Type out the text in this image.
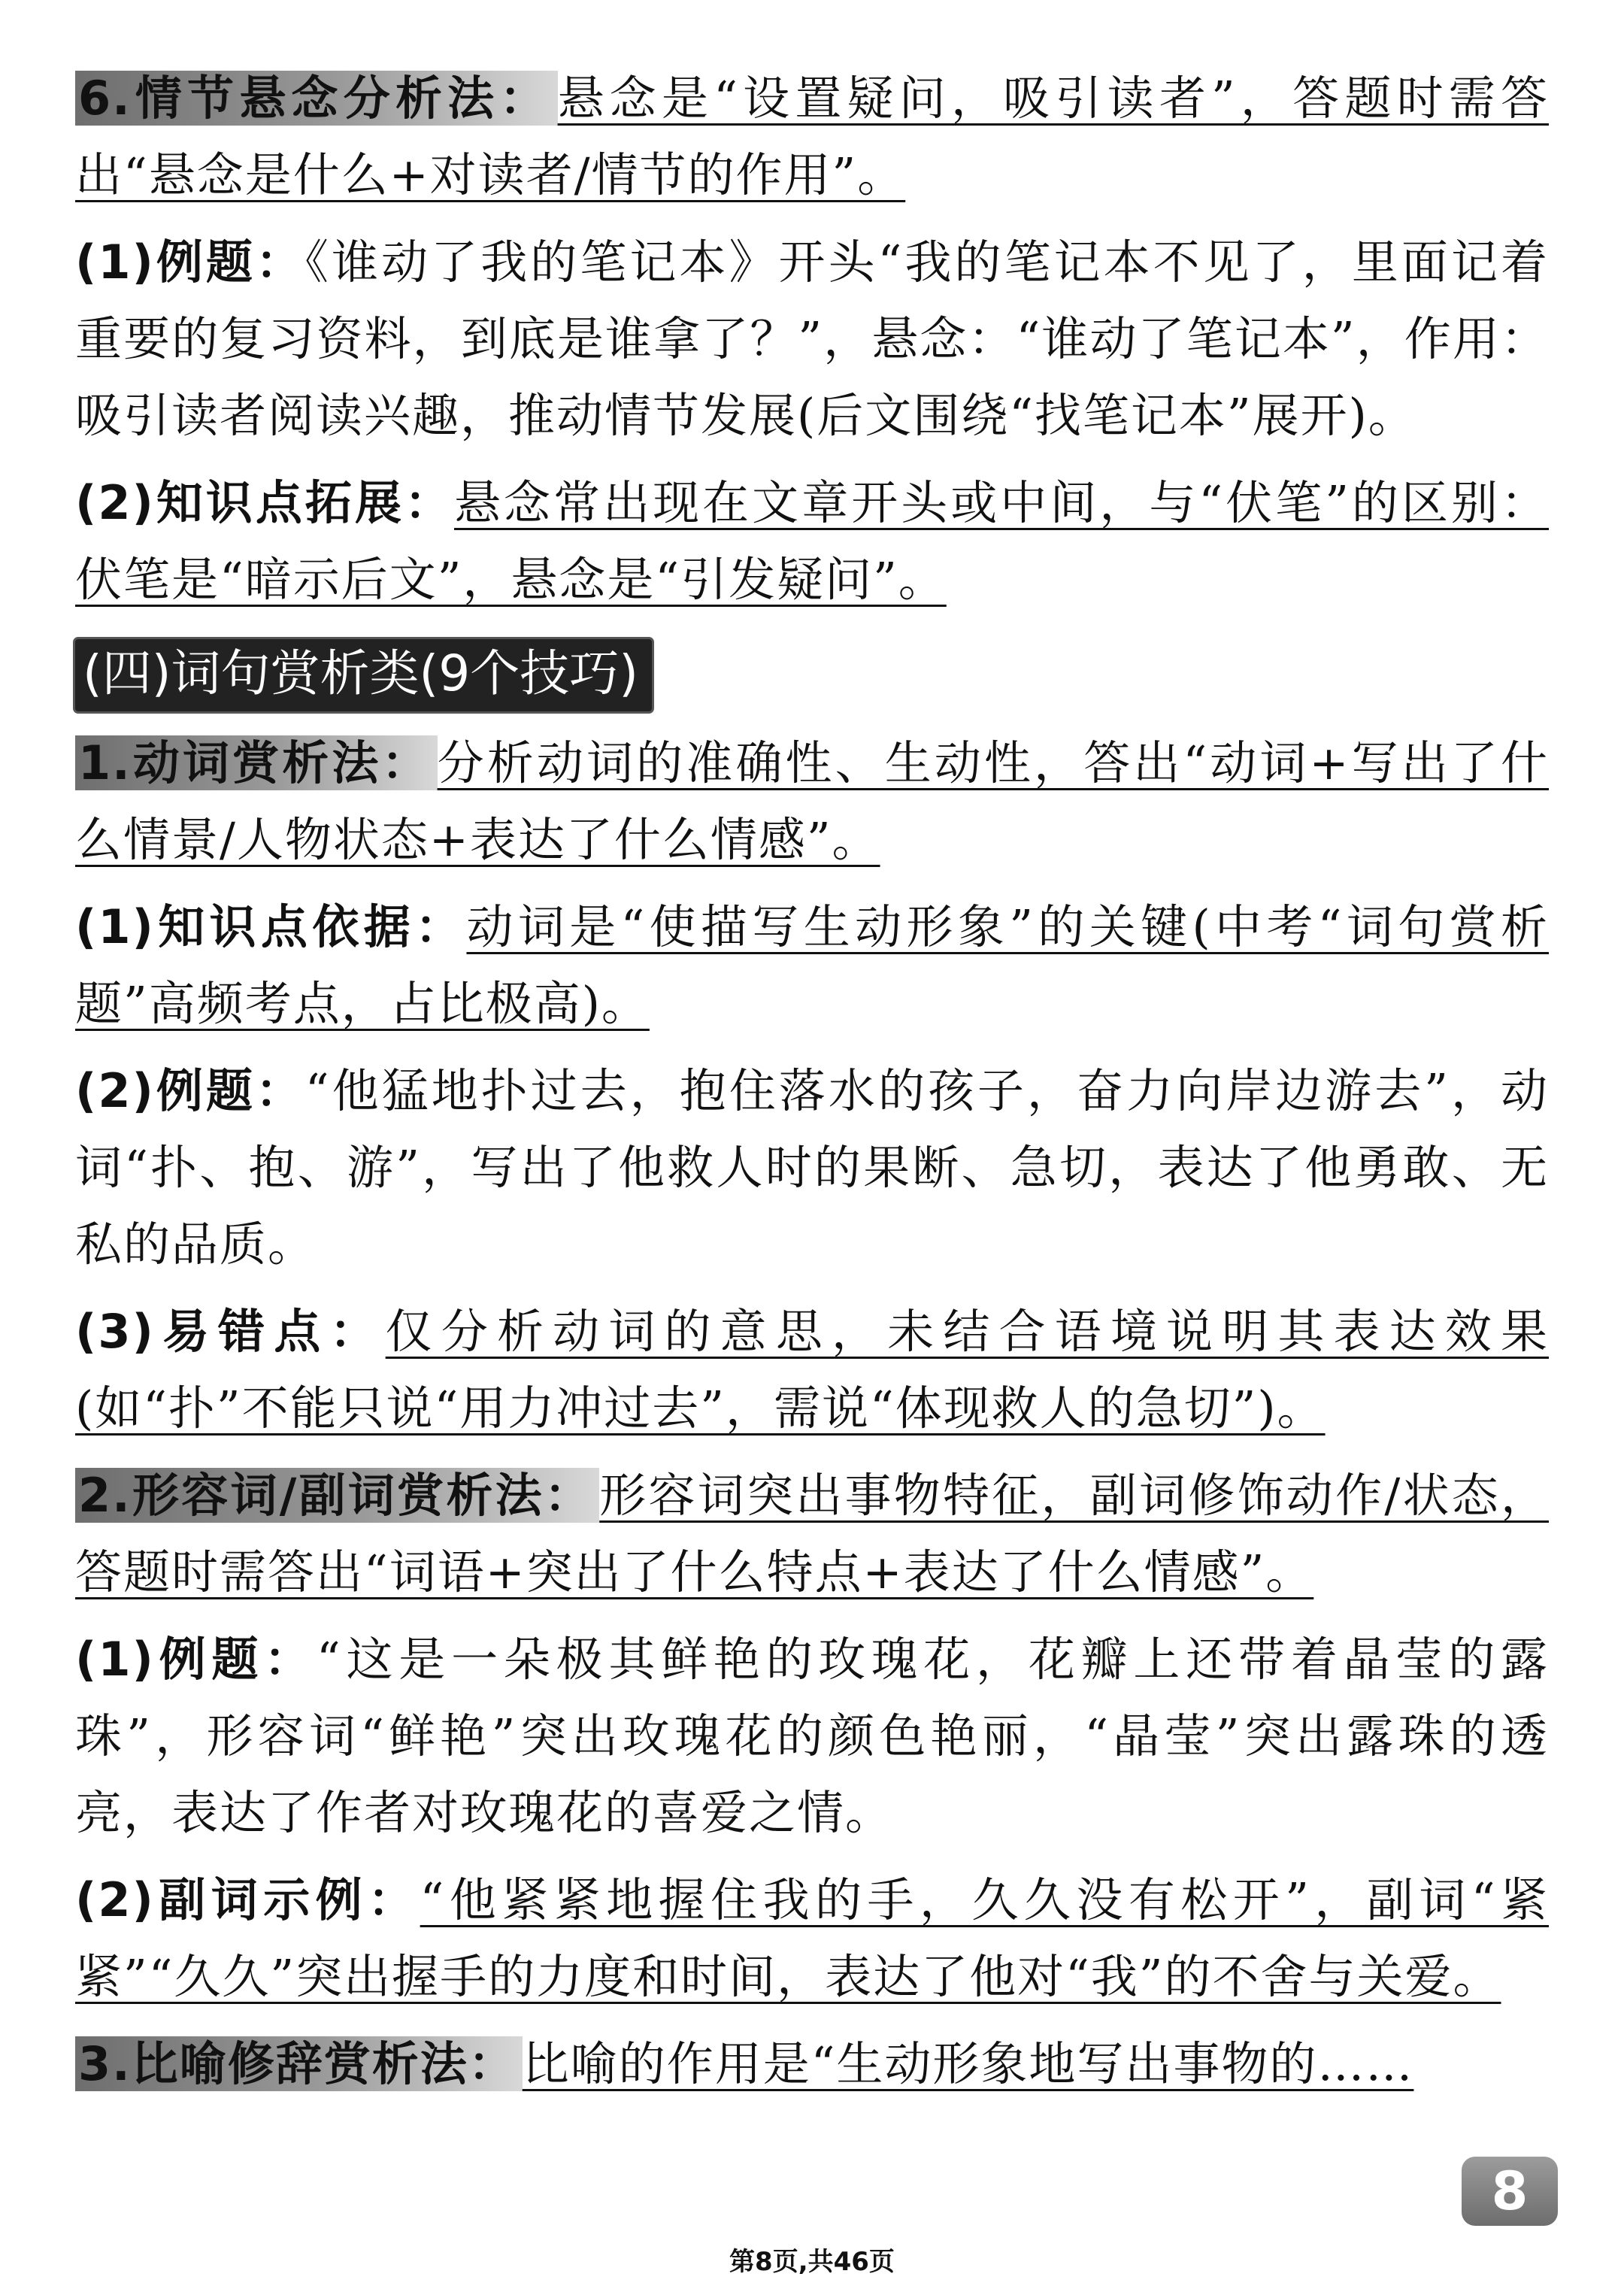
6.情节悬念分析法： 悬念是“设置疑问，吸引读者”，答题时需答出“悬念是什么+对读者/情节的作用”。

(1)例题：《谁动了我的笔记本》开头“我的笔记本不见了，里面记着重要的复习资料，到底是谁拿了？”，悬念：“谁动了笔记本”，作用：吸引读者阅读兴趣，推动情节发展(后文围绕“找笔记本”展开)。

(2)知识点拓展：悬念常出现在文章开头或中间，与“伏笔”的区别：伏笔是“暗示后文”，悬念是“引发疑问”。

(四)词句赏析类(9个技巧)

1.动词赏析法： 分析动词的准确性、生动性，答出“动词+写出了什么情景/人物状态+表达了什么情感”。

(1)知识点依据：动词是“使描写生动形象”的关键(中考“词句赏析题”高频考点，占比极高)。

(2)例题：“他猛地扑过去，抱住落水的孩子，奋力向岸边游去”，动词“扑、抱、游”，写出了他救人时的果断、急切，表达了他勇敢、无私的品质。

(3)易错点：仅分析动词的意思，未结合语境说明其表达效果(如“扑”不能只说“用力冲过去”，需说“体现救人的急切”)。

2.形容词/副词赏析法： 形容词突出事物特征，副词修饰动作/状态，答题时需答出“词语+突出了什么特点+表达了什么情感”。

(1)例题：“这是一朵极其鲜艳的玫瑰花，花瓣上还带着晶莹的露珠”，形容词“鲜艳”突出玫瑰花的颜色艳丽，“晶莹”突出露珠的透亮，表达了作者对玫瑰花的喜爱之情。

(2)副词示例：“他紧紧地握住我的手，久久没有松开”，副词“紧紧”“久久”突出握手的力度和时间，表达了他对“我”的不舍与关爱。

3.比喻修辞赏析法： 比喻的作用是“生动形象地写出事物的……

8
第8页,共46页
